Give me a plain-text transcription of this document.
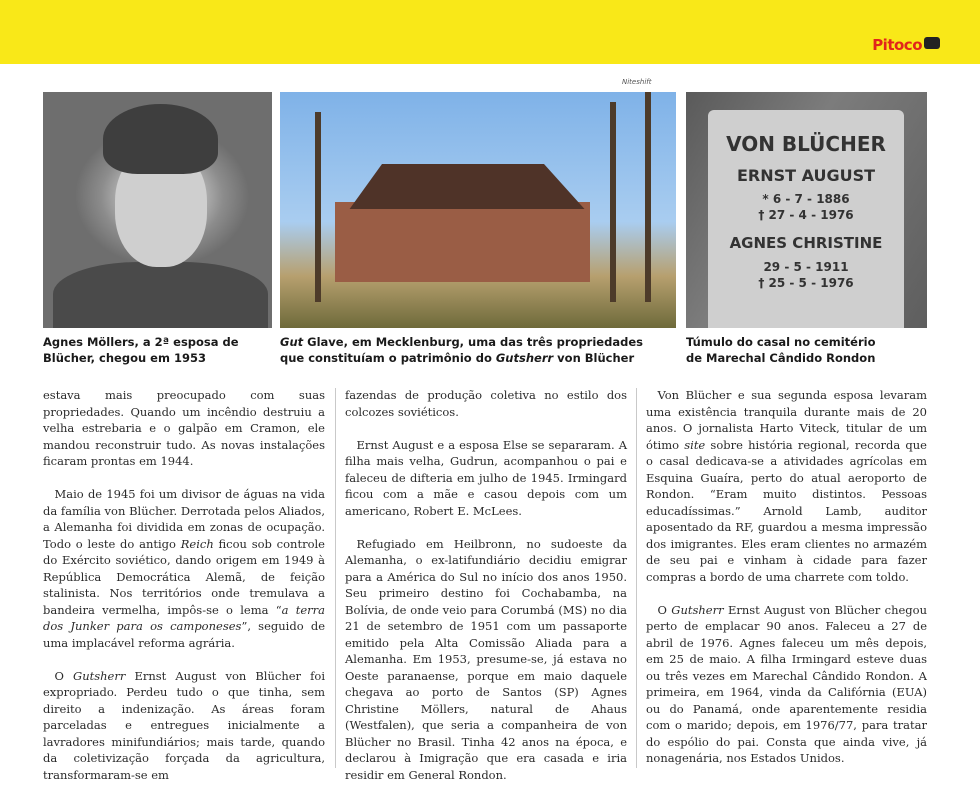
Pitoco
Niteshift
VON BLÜCHER
ERNST AUGUST
* 6 - 7 - 1886
† 27 - 4 - 1976
AGNES CHRISTINE
29 - 5 - 1911
† 25 - 5 - 1976
Agnes Möllers, a 2ª esposa de
Blücher, chegou em 1953
Gut Glave, em Mecklenburg, uma das três propriedades
que constituíam o patrimônio do Gutsherr von Blücher
Túmulo do casal no cemitério
de Marechal Cândido Rondon

estava mais preocupado com suas propriedades. Quando um incêndio destruiu a velha estrebaria e o galpão em Cramon, ele mandou reconstruir tudo. As novas instalações ficaram prontas em 1944.

 Maio de 1945 foi um divisor de águas na vida da família von Blücher. Derrotada pelos Aliados, a Alemanha foi dividida em zonas de ocupação. Todo o leste do antigo Reich ficou sob controle do Exército soviético, dando origem em 1949 à República Democrática Alemã, de feição stalinista. Nos territórios onde tremulava a bandeira vermelha, impôs-se o lema “a terra dos Junker para os camponeses”, seguido de uma implacável reforma agrária.

 O Gutsherr Ernst August von Blücher foi expropriado. Perdeu tudo o que tinha, sem direito a indenização. As áreas foram parceladas e entregues inicialmente a lavradores minifundiários; mais tarde, quando da coletivização forçada da agricultura, transformaram-se em

fazendas de produção coletiva no estilo dos colcozes soviéticos.

 Ernst August e a esposa Else se separaram. A filha mais velha, Gudrun, acompanhou o pai e faleceu de difteria em julho de 1945. Irmingard ficou com a mãe e casou depois com um americano, Robert E. McLees.

 Refugiado em Heilbronn, no sudoeste da Alemanha, o ex-latifundiário decidiu emigrar para a América do Sul no início dos anos 1950. Seu primeiro destino foi Cochabamba, na Bolívia, de onde veio para Corumbá (MS) no dia 21 de setembro de 1951 com um passaporte emitido pela Alta Comissão Aliada para a Alemanha. Em 1953, presume-se, já estava no Oeste paranaense, porque em maio daquele chegava ao porto de Santos (SP) Agnes Christine Möllers, natural de Ahaus (Westfalen), que seria a companheira de von Blücher no Brasil. Tinha 42 anos na época, e declarou à Imigração que era casada e iria residir em General Rondon.

 Von Blücher e sua segunda esposa levaram uma existência tranquila durante mais de 20 anos. O jornalista Harto Viteck, titular de um ótimo site sobre história regional, recorda que o casal dedicava-se a atividades agrícolas em Esquina Guaíra, perto do atual aeroporto de Rondon. “Eram muito distintos. Pessoas educadíssimas.” Arnold Lamb, auditor aposentado da RF, guardou a mesma impressão dos imigrantes. Eles eram clientes no armazém de seu pai e vinham à cidade para fazer compras a bordo de uma charrete com toldo.

 O Gutsherr Ernst August von Blücher chegou perto de emplacar 90 anos. Faleceu a 27 de abril de 1976. Agnes faleceu um mês depois, em 25 de maio. A filha Irmingard esteve duas ou três vezes em Marechal Cândido Rondon. A primeira, em 1964, vinda da Califórnia (EUA) ou do Panamá, onde aparentemente residia com o marido; depois, em 1976/77, para tratar do espólio do pai. Consta que ainda vive, já nonagenária, nos Estados Unidos.
